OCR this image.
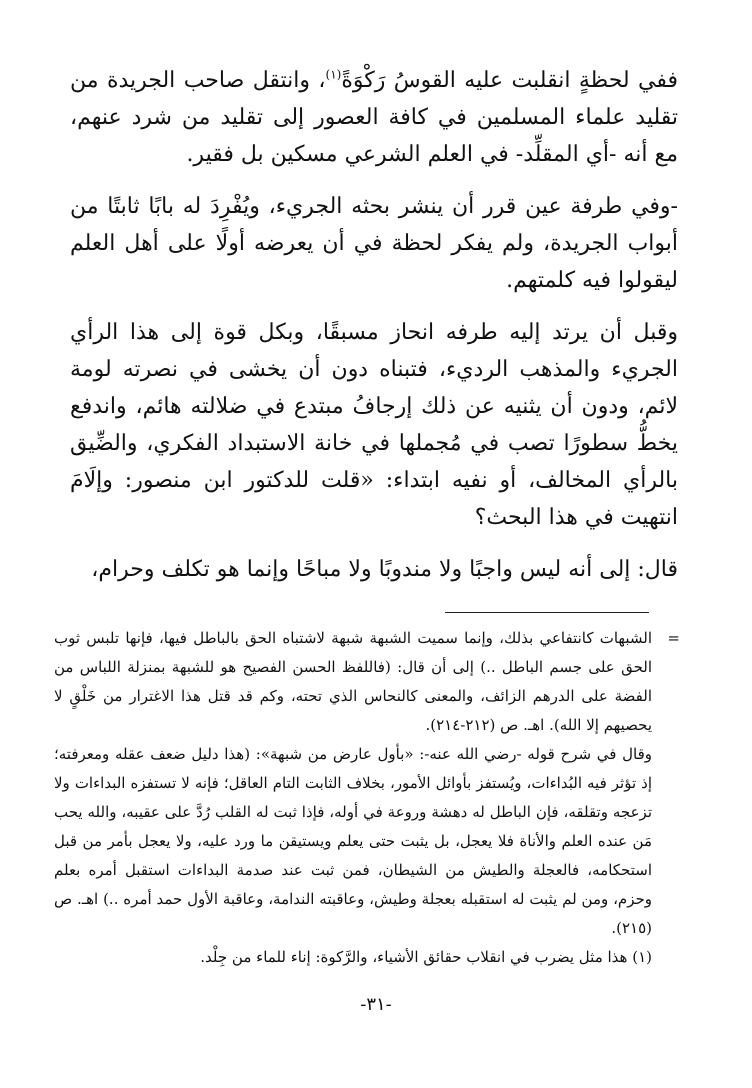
ففي لحظةٍ انقلبت عليه القوسُ رَكْوَةً$^{(١)}$، وانتقل صاحب الجريدة من تقليد علماء المسلمين في كافة العصور إلى تقليد من شرد عنهم، مع أنه -أي المقلِّد- في العلم الشرعي مسكين بل فقير.

-وفي طرفة عين قرر أن ينشر بحثه الجريء، ويُفْرِدَ له بابًا ثابتًا من أبواب الجريدة، ولم يفكر لحظة في أن يعرضه أولًا على أهل العلم ليقولوا فيه كلمتهم.

وقبل أن يرتد إليه طرفه انحاز مسبقًا، وبكل قوة إلى هذا الرأي الجريء والمذهب الرديء، فتبناه دون أن يخشى في نصرته لومة لائم، ودون أن يثنيه عن ذلك إرجافُ مبتدع في ضلالته هائم، واندفع يخطُّ سطورًا تصب في مُجملها في خانة الاستبداد الفكري، والضِّيق بالرأي المخالف، أو نفيه ابتداء: «قلت للدكتور ابن منصور: وإلَامَ انتهيت في هذا البحث؟

قال: إلى أنه ليس واجبًا ولا مندوبًا ولا مباحًا وإنما هو تكلف وحرام،

=

الشبهات كانتفاعي بذلك، وإنما سميت الشبهة شبهة لاشتباه الحق بالباطل فيها، فإنها تلبس ثوب الحق على جسم الباطل ..) إلى أن قال: (فاللفظ الحسن الفصيح هو للشبهة بمنزلة اللباس من الفضة على الدرهم الزائف، والمعنى كالنحاس الذي تحته، وكم قد قتل هذا الاغترار من خَلْقٍ لا يحصيهم إلا الله). اهـ. ص (٢١٢-٢١٤).

وقال في شرح قوله -رضي الله عنه-: «بأول عارض من شبهة»: (هذا دليل ضعف عقله ومعرفته؛ إذ تؤثر فيه البُداءات، ويُستفز بأوائل الأمور، بخلاف الثابت التام العاقل؛ فإنه لا تستفزه البداءات ولا تزعجه وتقلقه، فإن الباطل له دهشة وروعة في أوله، فإذا ثبت له القلب رُدَّ على عقيبه، والله يحب مَن عنده العلم والأناة فلا يعجل، بل يثبت حتى يعلم ويستيقن ما ورد عليه، ولا يعجل بأمر من قبل استحكامه، فالعجلة والطيش من الشيطان، فمن ثبت عند صدمة البداءات استقبل أمره بعلم وحزم، ومن لم يثبت له استقبله بعجلة وطيش، وعاقبته الندامة، وعاقبة الأول حمد أمره ..) اهـ. ص (٢١٥).

(١) هذا مثل يضرب في انقلاب حقائق الأشياء، والرَّكوة: إناء للماء من جِلْد.

-٣١-
